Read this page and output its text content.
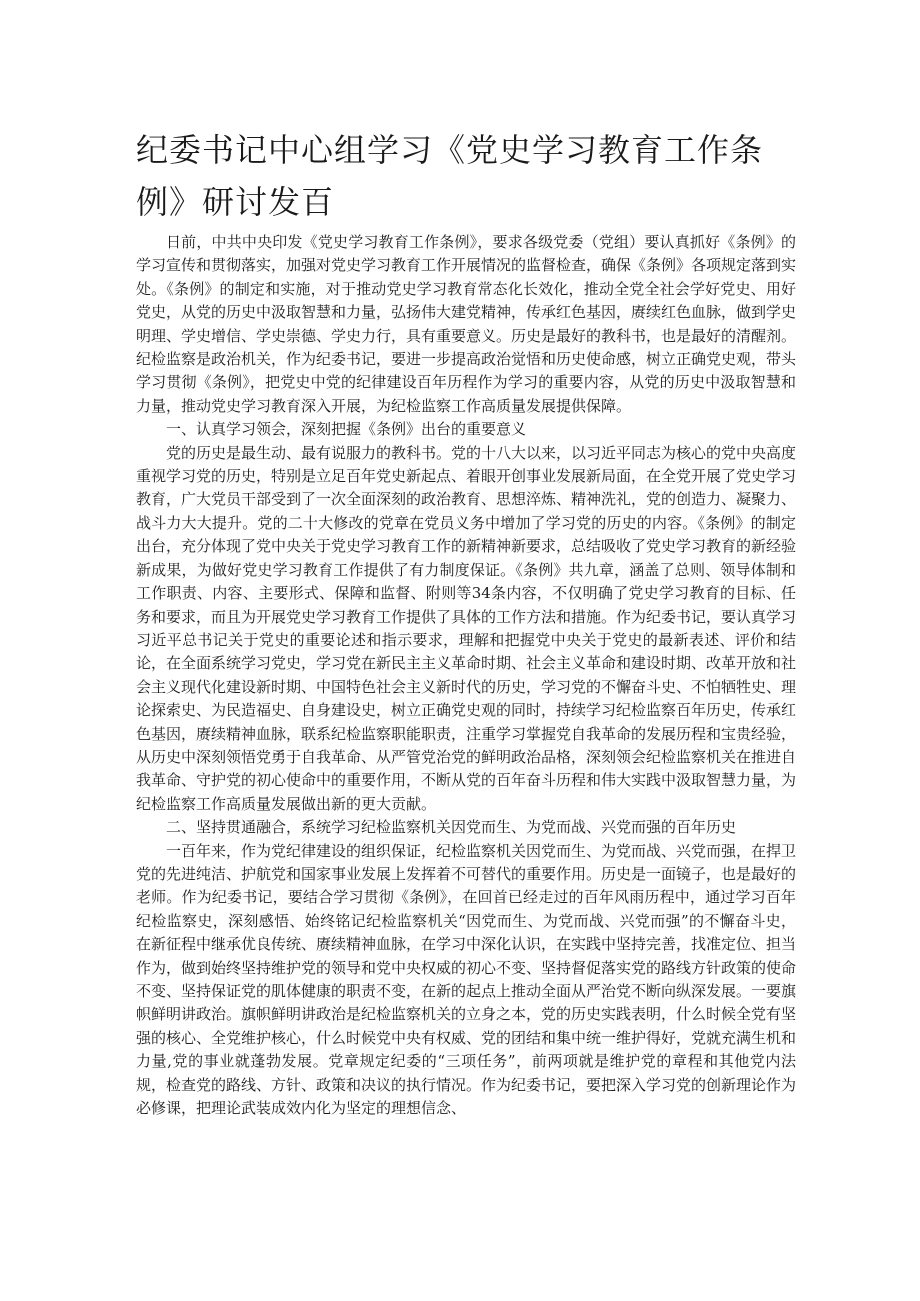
纪委书记中心组学习《党史学习教育工作条例》研讨发百

日前，中共中央印发《党史学习教育工作条例》，要求各级党委（党组）要认真抓好《条例》的学习宣传和贯彻落实，加强对党史学习教育工作开展情况的监督检查，确保《条例》各项规定落到实处。《条例》的制定和实施，对于推动党史学习教育常态化长效化，推动全党全社会学好党史、用好党史，从党的历史中汲取智慧和力量，弘扬伟大建党精神，传承红色基因，赓续红色血脉，做到学史明理、学史增信、学史崇德、学史力行，具有重要意义。历史是最好的教科书，也是最好的清醒剂。纪检监察是政治机关，作为纪委书记，要进一步提高政治觉悟和历史使命感，树立正确党史观，带头学习贯彻《条例》，把党史中党的纪律建设百年历程作为学习的重要内容，从党的历史中汲取智慧和力量，推动党史学习教育深入开展，为纪检监察工作高质量发展提供保障。

一、认真学习领会，深刻把握《条例》出台的重要意义

党的历史是最生动、最有说服力的教科书。党的十八大以来，以习近平同志为核心的党中央高度重视学习党的历史，特别是立足百年党史新起点、着眼开创事业发展新局面，在全党开展了党史学习教育，广大党员干部受到了一次全面深刻的政治教育、思想淬炼、精神洗礼，党的创造力、凝聚力、战斗力大大提升。党的二十大修改的党章在党员义务中增加了学习党的历史的内容。《条例》的制定出台，充分体现了党中央关于党史学习教育工作的新精神新要求，总结吸收了党史学习教育的新经验新成果，为做好党史学习教育工作提供了有力制度保证。《条例》共九章，涵盖了总则、领导体制和工作职责、内容、主要形式、保障和监督、附则等34条内容，不仅明确了党史学习教育的目标、任务和要求，而且为开展党史学习教育工作提供了具体的工作方法和措施。作为纪委书记，要认真学习习近平总书记关于党史的重要论述和指示要求，理解和把握党中央关于党史的最新表述、评价和结论，在全面系统学习党史，学习党在新民主主义革命时期、社会主义革命和建设时期、改革开放和社会主义现代化建设新时期、中国特色社会主义新时代的历史，学习党的不懈奋斗史、不怕牺牲史、理论探索史、为民造福史、自身建设史，树立正确党史观的同时，持续学习纪检监察百年历史，传承红色基因，赓续精神血脉，联系纪检监察职能职责，注重学习掌握党自我革命的发展历程和宝贵经验，从历史中深刻领悟党勇于自我革命、从严管党治党的鲜明政治品格，深刻领会纪检监察机关在推进自我革命、守护党的初心使命中的重要作用，不断从党的百年奋斗历程和伟大实践中汲取智慧力量，为纪检监察工作高质量发展做出新的更大贡献。

二、坚持贯通融合，系统学习纪检监察机关因党而生、为党而战、兴党而强的百年历史

一百年来，作为党纪律建设的组织保证，纪检监察机关因党而生、为党而战、兴党而强，在捍卫党的先进纯洁、护航党和国家事业发展上发挥着不可替代的重要作用。历史是一面镜子，也是最好的老师。作为纪委书记，要结合学习贯彻《条例》，在回首已经走过的百年风雨历程中，通过学习百年纪检监察史，深刻感悟、始终铭记纪检监察机关“因党而生、为党而战、兴党而强”的不懈奋斗史，在新征程中继承优良传统、赓续精神血脉，在学习中深化认识，在实践中坚持完善，找准定位、担当作为，做到始终坚持维护党的领导和党中央权威的初心不变、坚持督促落实党的路线方针政策的使命不变、坚持保证党的肌体健康的职责不变，在新的起点上推动全面从严治党不断向纵深发展。一要旗帜鲜明讲政治。旗帜鲜明讲政治是纪检监察机关的立身之本，党的历史实践表明，什么时候全党有坚强的核心、全党维护核心，什么时候党中央有权威、党的团结和集中统一维护得好，党就充满生机和力量,党的事业就蓬勃发展。党章规定纪委的“三项任务”，前两项就是维护党的章程和其他党内法规，检查党的路线、方针、政策和决议的执行情况。作为纪委书记，要把深入学习党的创新理论作为必修课，把理论武装成效内化为坚定的理想信念、
